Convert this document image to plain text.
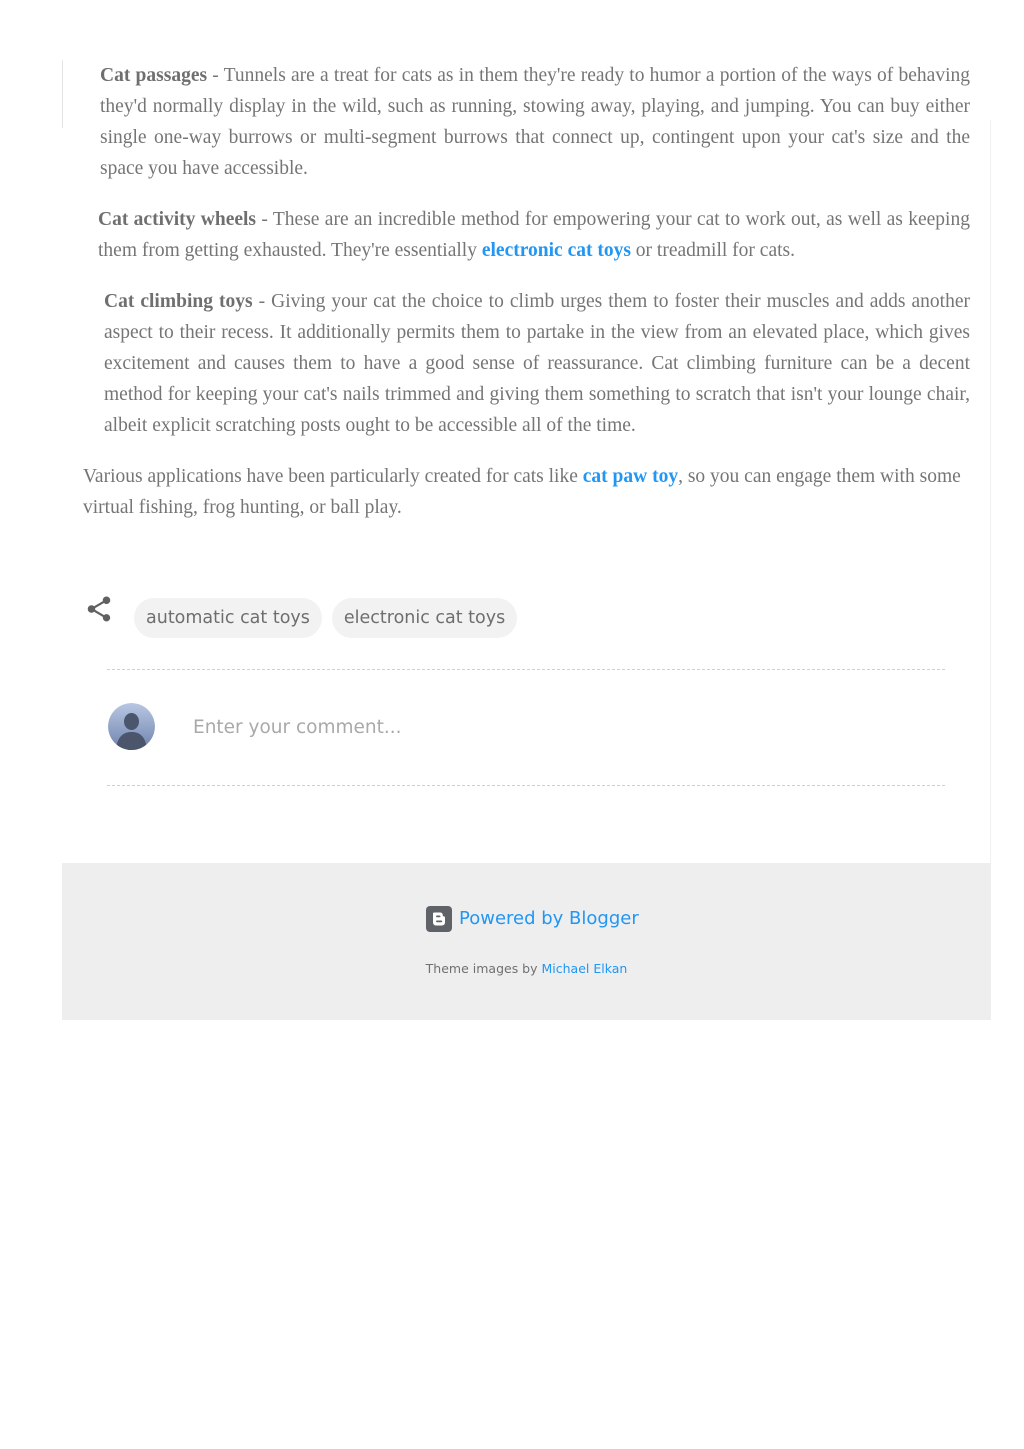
Cat passages - Tunnels are a treat for cats as in them they're ready to humor a portion of the ways of behaving they'd normally display in the wild, such as running, stowing away, playing, and jumping. You can buy either single one-way burrows or multi-segment burrows that connect up, contingent upon your cat's size and the space you have accessible.

Cat activity wheels - These are an incredible method for empowering your cat to work out, as well as keeping them from getting exhausted. They're essentially electronic cat toys or treadmill for cats.

Cat climbing toys - Giving your cat the choice to climb urges them to foster their muscles and adds another aspect to their recess. It additionally permits them to partake in the view from an elevated place, which gives excitement and causes them to have a good sense of reassurance. Cat climbing furniture can be a decent method for keeping your cat's nails trimmed and giving them something to scratch that isn't your lounge chair, albeit explicit scratching posts ought to be accessible all of the time.

Various applications have been particularly created for cats like cat paw toy, so you can engage them with some virtual fishing, frog hunting, or ball play.

automatic cat toys	electronic cat toys
Enter your comment...
Powered by Blogger
Theme images by Michael Elkan
